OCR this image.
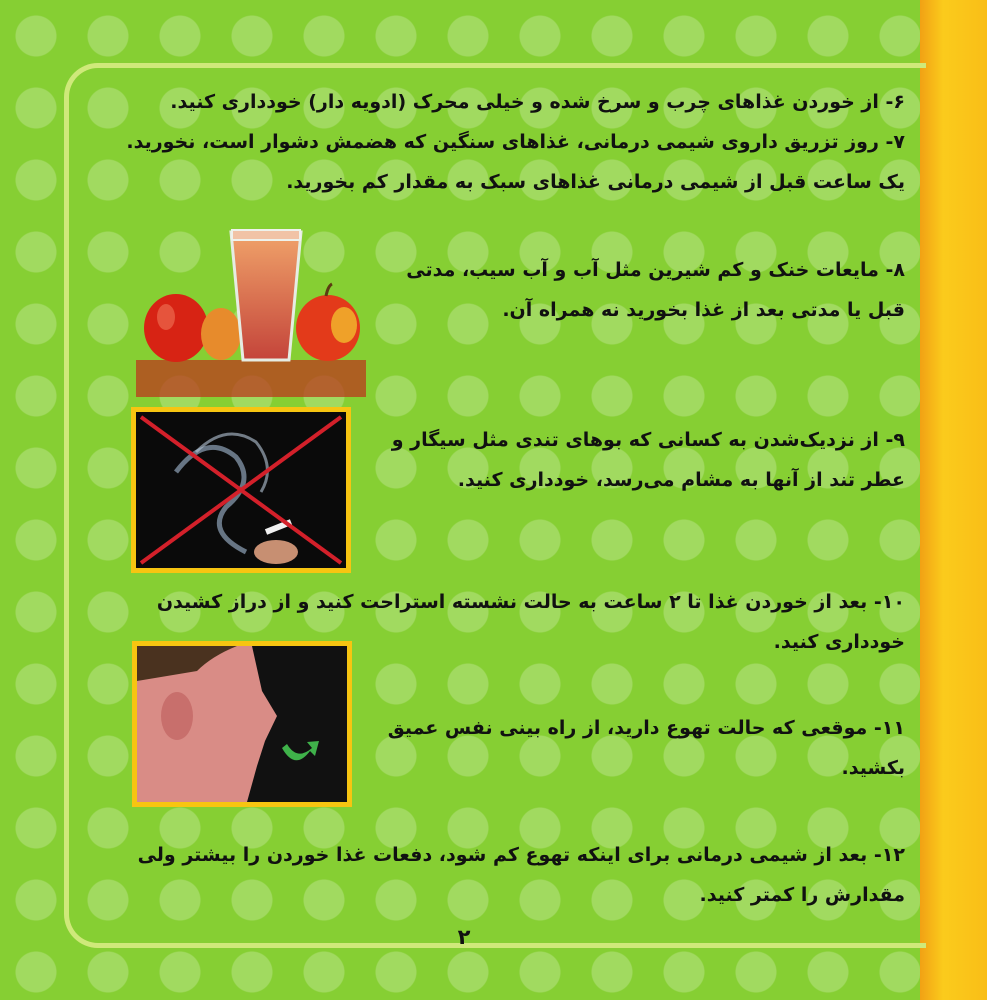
۶- از خوردن غذاهای چرب و سرخ شده و خیلی محرک (ادویه دار) خودداری کنید.

۷- روز تزریق داروی شیمی درمانی، غذاهای سنگین که هضمش دشوار است، نخورید. یک ساعت قبل از شیمی درمانی غذاهای سبک به مقدار کم بخورید.

۸- مایعات خنک و کم شیرین مثل آب و آب سیب، مدتی قبل یا مدتی بعد از غذا بخورید نه همراه آن.

۹- از نزدیک‌شدن به کسانی که بوهای تندی مثل سیگار و عطر تند از آنها به مشام می‌رسد، خودداری کنید.

۱۰- بعد از خوردن غذا تا ۲ ساعت به حالت نشسته استراحت کنید و از دراز کشیدن خودداری کنید.

۱۱- موقعی که حالت تهوع دارید، از راه بینی نفس عمیق بکشید.

۱۲- بعد از شیمی درمانی برای اینکه تهوع کم شود، دفعات غذا خوردن را بیشتر ولی مقدارش را کمتر کنید.

۲
